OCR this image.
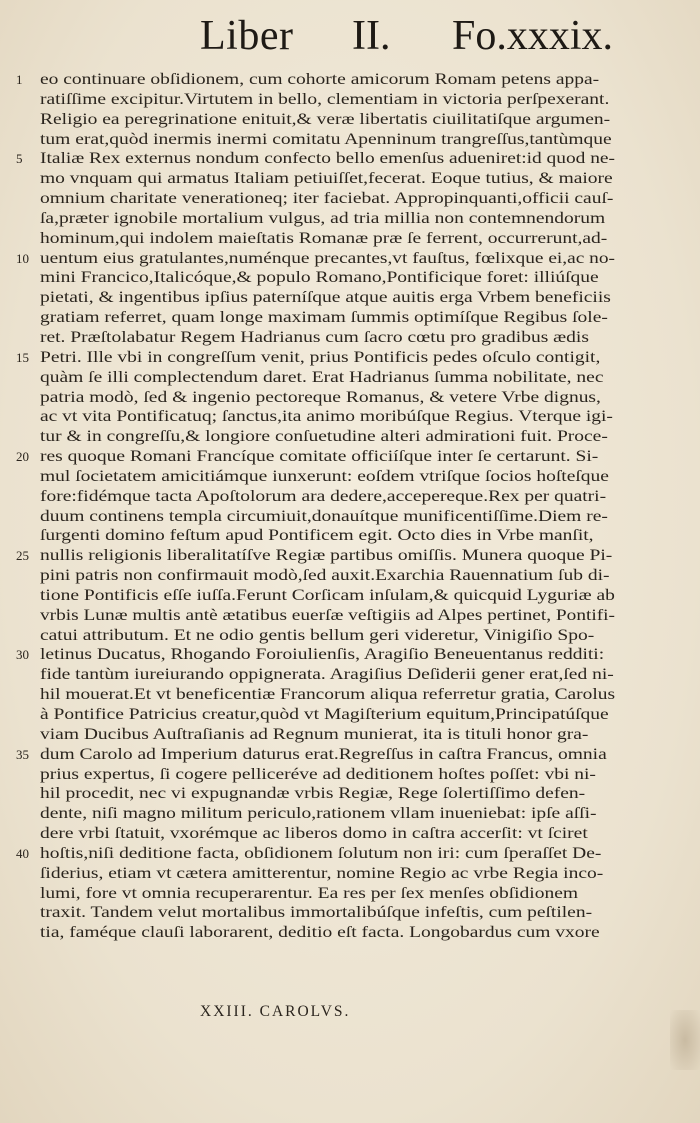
Liber II. Fo.xxxix.
1	eo continuare obſidionem, cum cohorte amicorum Romam petens appa-
ratiſſime excipitur.Virtutem in bello, clementiam in victoria perſpexerant.
Religio ea peregrinatione enituit,& veræ libertatis ciuilitatiſque argumen-
tum erat,quòd inermis inermi comitatu Apenninum trangreſſus,tantùmque
5	Italiæ Rex externus nondum confecto bello emenſus adueniret:id quod ne-
mo vnquam qui armatus Italiam petiuiſſet,fecerat. Eoque tutius, & maiore
omnium charitate venerationeq; iter faciebat. Appropinquanti,officii cauſ-
ſa,præter ignobile mortalium vulgus, ad tria millia non contemnendorum
hominum,qui indolem maieſtatis Romanæ præ ſe ferrent, occurrerunt,ad-
10 uentum eius gratulantes,numénque precantes,vt fauſtus, fœlixque ei,ac no-
mini Francico,Italicóque,& populo Romano,Pontificique foret: illiúſque
pietati, & ingentibus ipſius paterníſque atque auitis erga Vrbem beneficiis
gratiam referret, quam longe maximam ſummis optimíſque Regibus ſole-
ret. Præſtolabatur Regem Hadrianus cum ſacro cœtu pro gradibus ædis
15 Petri. Ille vbi in congreſſum venit, prius Pontificis pedes oſculo contigit,
quàm ſe illi complectendum daret. Erat Hadrianus ſumma nobilitate, nec
patria modò, ſed & ingenio pectoreque Romanus, & vetere Vrbe dignus,
ac vt vita Pontificatuq; ſanctus,ita animo moribúſque Regius. Vterque igi-
tur & in congreſſu,& longiore conſuetudine alteri admirationi fuit. Proce-
20 res quoque Romani Francíque comitate officiíſque inter ſe certarunt. Si-
mul ſocietatem amicitiámque iunxerunt: eoſdem vtriſque ſocios hoſteſque
fore:fidémque tacta Apoſtolorum ara dedere,accepereque.Rex per quatri-
duum continens templa circumiuit,donauítque munificentiſſime.Diem re-
ſurgenti domino feſtum apud Pontificem egit. Octo dies in Vrbe manſit,
25 nullis religionis liberalitatíſve Regiæ partibus omiſſis. Munera quoque Pi-
pini patris non confirmauit modò,ſed auxit.Exarchia Rauennatium ſub di-
tione Pontificis eſſe iuſſa.Ferunt Corſicam inſulam,& quicquid Lyguriæ ab
vrbis Lunæ multis antè ætatibus euerſæ veſtigiis ad Alpes pertinet, Pontifi-
catui attributum. Et ne odio gentis bellum geri videretur, Vinigiſio Spo-
30 letinus Ducatus, Rhogando Foroiulienſis, Aragiſio Beneuentanus redditi:
fide tantùm iureiurando oppignerata. Aragiſius Deſiderii gener erat,ſed ni-
hil mouerat.Et vt beneficentiæ Francorum aliqua referretur gratia, Carolus
à Pontifice Patricius creatur,quòd vt Magiſterium equitum,Principatúſque
viam Ducibus Auſtraſianis ad Regnum munierat, ita is tituli honor gra-
35 dum Carolo ad Imperium daturus erat.Regreſſus in caſtra Francus, omnia
prius expertus, ſi cogere pelliceréve ad deditionem hoſtes poſſet: vbi ni-
hil procedit, nec vi expugnandæ vrbis Regiæ, Rege ſolertiſſimo defen-
dente, niſi magno militum periculo,rationem vllam inueniebat: ipſe aſſi-
dere vrbi ſtatuit, vxorémque ac liberos domo in caſtra accerſit: vt ſciret
40 hoſtis,niſi deditione facta, obſidionem ſolutum non iri: cum ſperaſſet De-
ſiderius, etiam vt cætera amitterentur, nomine Regio ac vrbe Regia inco-
lumi, fore vt omnia recuperarentur. Ea res per ſex menſes obſidionem
traxit. Tandem velut mortalibus immortalibúſque infeſtis, cum peſtilen-
tia, faméque clauſi laborarent, deditio eſt facta. Longobardus cum vxore
XXIII. CAROLVS.
